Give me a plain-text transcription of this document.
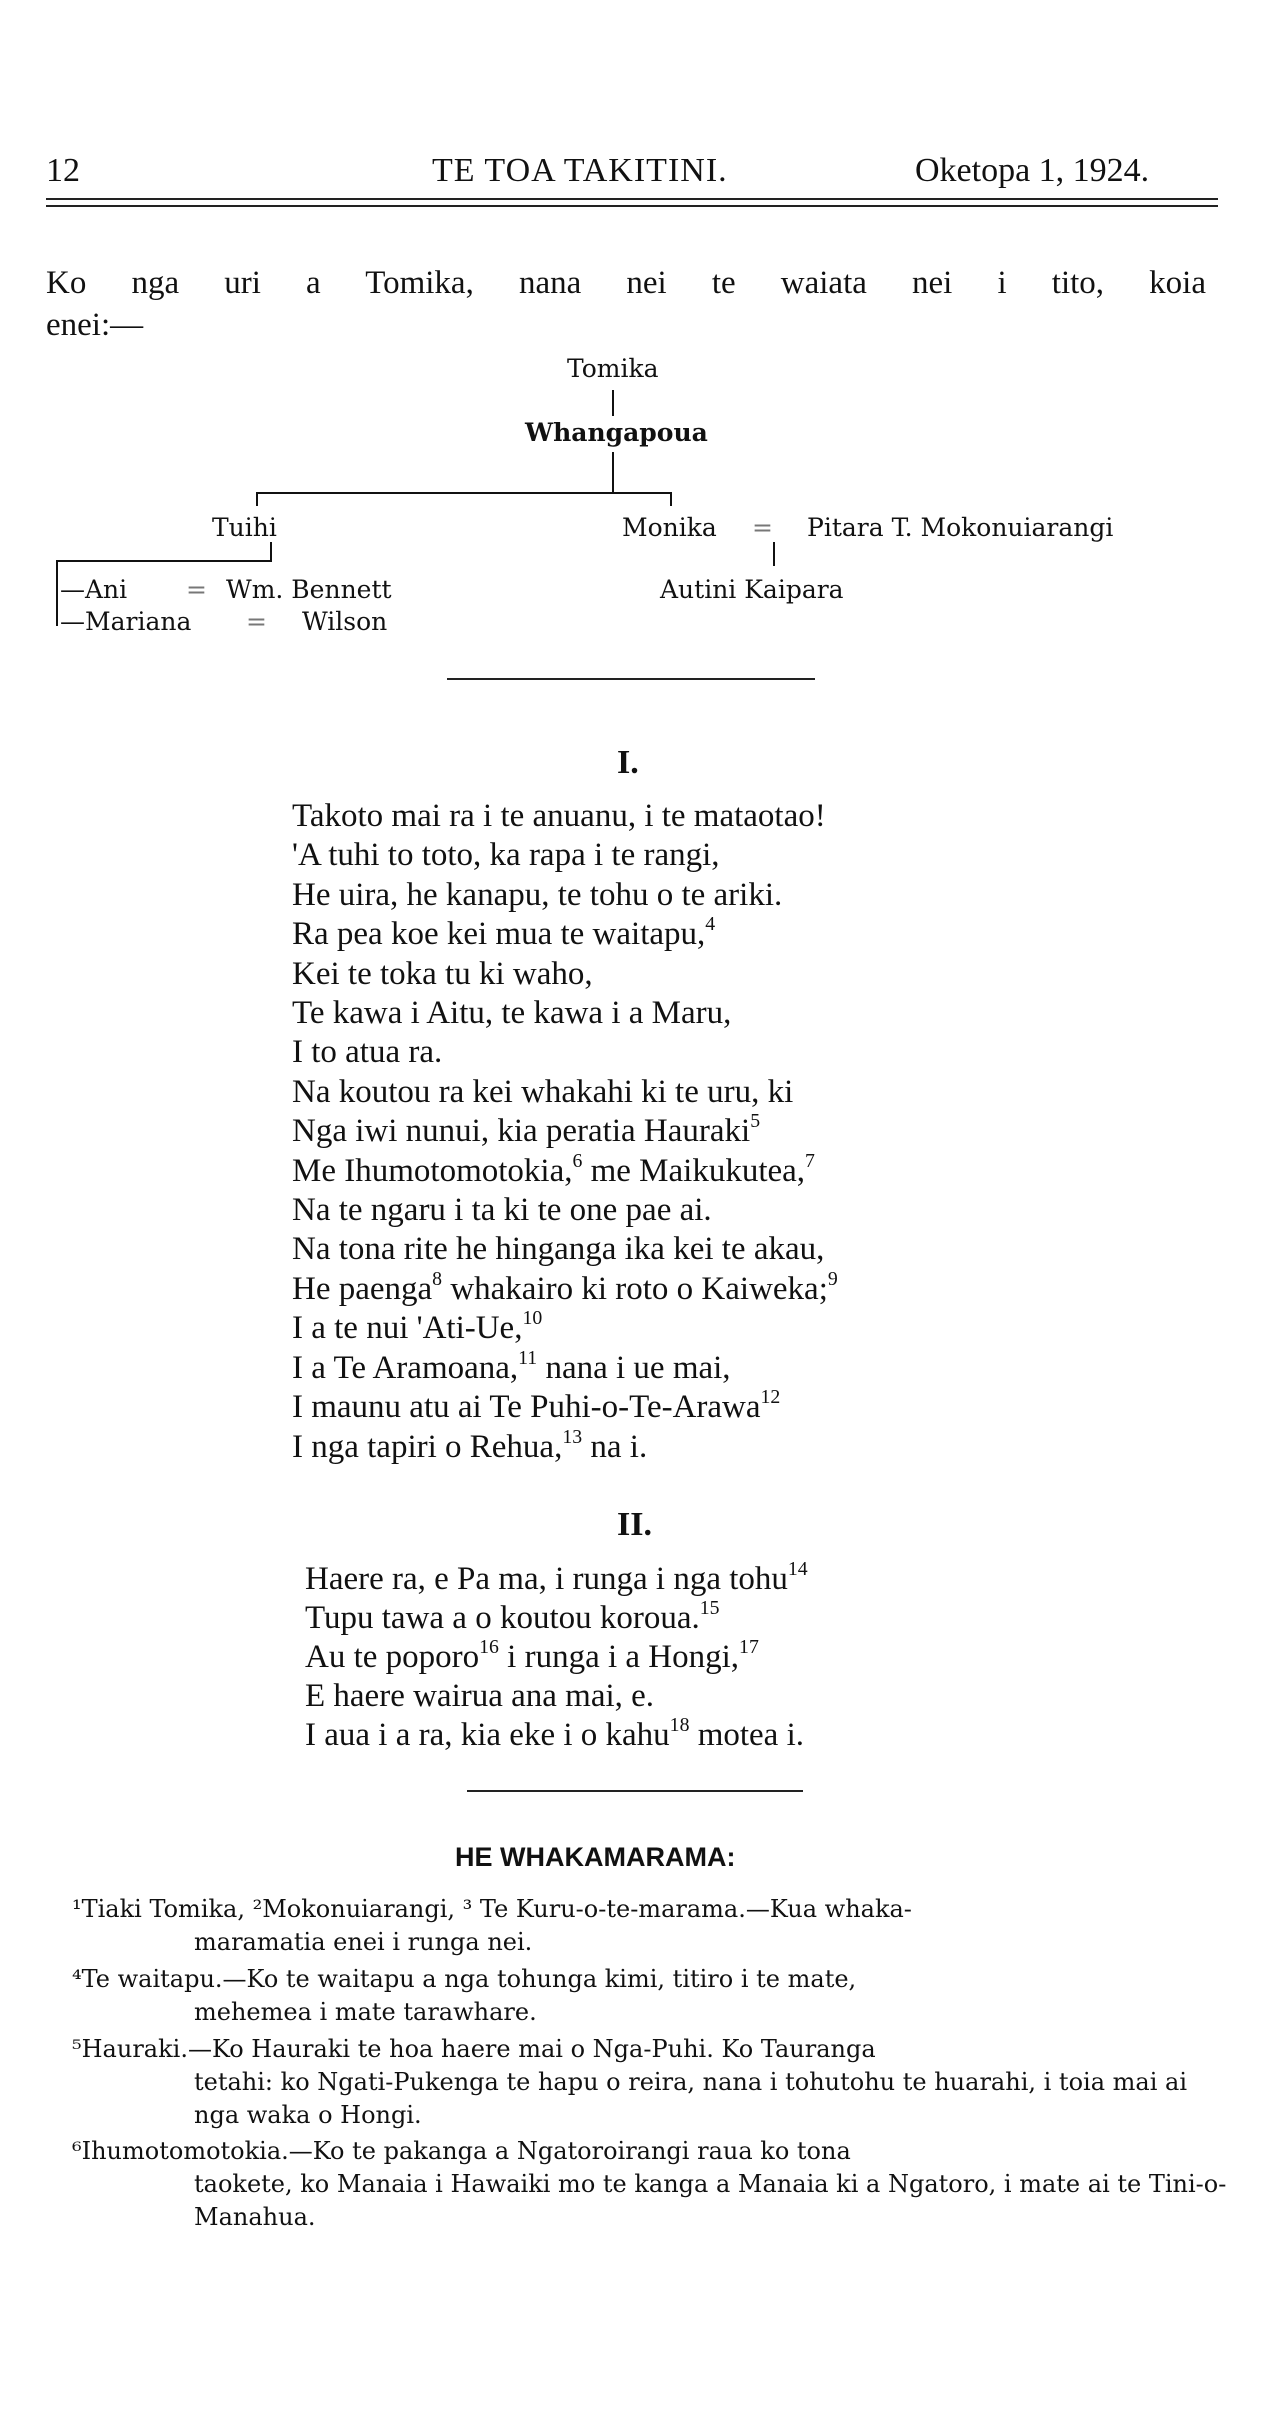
12	TE TOA TAKITINI.	Oketopa 1, 1924.
Ko nga uri a Tomika, nana nei te waiata nei i tito, koia
enei:—
Tomika
Whangapoua
Tuihi	Monika = Pitara T. Mokonuiarangi
—Ani = Wm. Bennett	Autini Kaipara
—Mariana = Wilson
I.
Takoto mai ra i te anuanu, i te mataotao!
'A tuhi to toto, ka rapa i te rangi,
He uira, he kanapu, te tohu o te ariki.
Ra pea koe kei mua te waitapu,$^4$
Kei te toka tu ki waho,
Te kawa i Aitu, te kawa i a Maru,
I to atua ra.
Na koutou ra kei whakahi ki te uru, ki
Nga iwi nunui, kia peratia Hauraki$^5$
Me Ihumotomotokia,$^6$ me Maikukutea,$^7$
Na te ngaru i ta ki te one pae ai.
Na tona rite he hinganga ika kei te akau,
He paenga$^8$ whakairo ki roto o Kaiweka;$^9$
I a te nui 'Ati-Ue,$^{10}$
I a Te Aramoana,$^{11}$ nana i ue mai,
I maunu atu ai Te Puhi-o-Te-Arawa$^{12}$
I nga tapiri o Rehua,$^{13}$ na i.
II.
Haere ra, e Pa ma, i runga i nga tohu$^{14}$
Tupu tawa a o koutou koroua.$^{15}$
Au te poporo$^{16}$ i runga i a Hongi,$^{17}$
E haere wairua ana mai, e.
I aua i a ra, kia eke i o kahu$^{18}$ motea i.
HE WHAKAMARAMA:
¹Tiaki Tomika, ²Mokonuiarangi, ³ Te Kuru-o-te-marama.—Kua whaka-
maramatia enei i runga nei.
⁴Te waitapu.—Ko te waitapu a nga tohunga kimi, titiro i te mate,
mehemea i mate tarawhare.
⁵Hauraki.—Ko Hauraki te hoa haere mai o Nga-Puhi. Ko Tauranga
tetahi: ko Ngati-Pukenga te hapu o reira, nana i tohutohu te huarahi, i toia mai ai nga waka o Hongi.
⁶Ihumotomotokia.—Ko te pakanga a Ngatoroirangi raua ko tona
taokete, ko Manaia i Hawaiki mo te kanga a Manaia ki a Ngatoro, i mate ai te Tini-o-Manahua.
